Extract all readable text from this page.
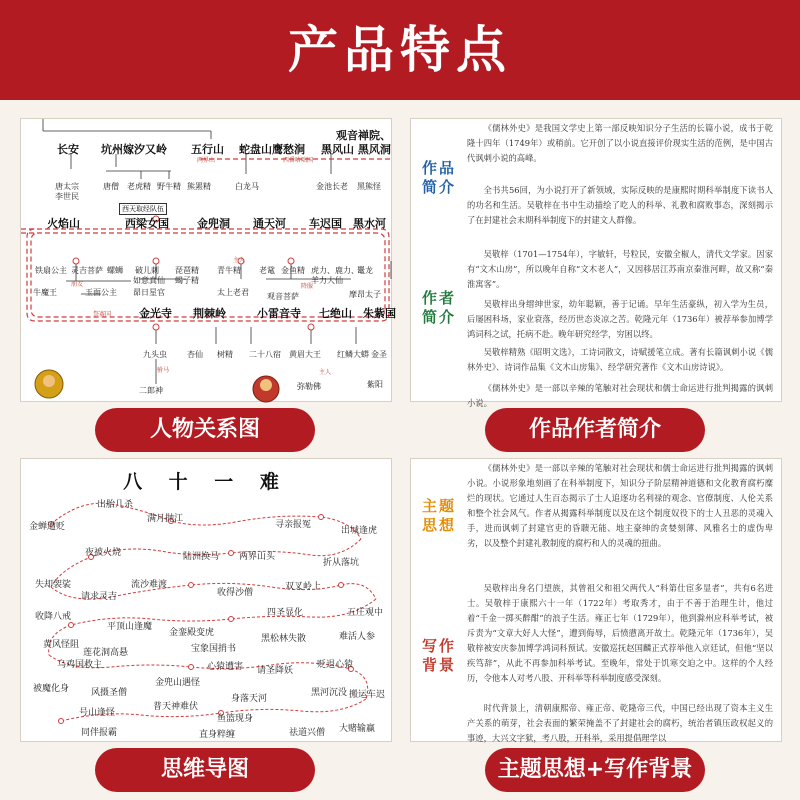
产品特点
长安 坑州嫁汐又岭 五行山 蛇盘山鹰愁涧
观音禅院、
黑风山 黑风洞
两界山	西番哈咄国
唐太宗
李世民
唐僧 老虎精 野牛精 熊罴精	白龙马	金池长老 黑熊怪
西天取经队伍
火焰山	西梁女国	金兜洞 通天河 车迟国 黑水河
铁扇公主 灵吉菩萨 螺蛳
牛魔王	玉面公主
破儿刺
如意真仙
琵琶精
蝎子精
昴日星官
青牛精
太上老君
老鼋 金鱼精
观音菩萨
虎力、鹿力、
羊力大仙
鼍龙
摩昂太子
朋友
主人
降服
祭赛国	金光寺 荆棘岭	小雷音寺 七绝山 朱紫国
九头虫
二郎神
杏仙 树精 二十八宿 黄眉大王
弥勒佛
红鳞大蟒 金圣
紫阳
驸马	主人
人物关系图
作品
简介
作者
简介

《儒林外史》是我国文学史上第一部反映知识分子生活的长篇小说，成书于乾隆十四年（1749年）或稍前。它开创了以小说直接评价现实生活的范例，是中国古代讽刺小说的高峰。

全书共56回，为小说打开了新领域，实际反映的是康熙时期科举制度下读书人的功名和生活。吴敬梓在书中生动描绘了吃人的科举、礼教和腐败事态，深刻揭示了在封建社会末期科举制度下的封建文人群像。

吴敬梓（1701—1754年），字敏轩，号粒民，安徽全椒人，清代文学家。因家有“文木山房”，所以晚年自称“文木老人”，又因移居江苏南京秦淮河畔，故又称“秦淮寓客”。

吴敬梓出身缙绅世家，幼年聪颖，善于记诵。早年生活豪纵，初入学为生员，后屡困科场，家业衰落，经历世态炎凉之苦。乾隆元年（1736年）被荐举参加博学鸿词科之试，托病不赴。晚年研究经学，穷困以终。

吴敬梓精熟《昭明文选》，工诗词散文，诗赋援笔立成。著有长篇讽刺小说《儒林外史》、诗词作品集《文木山房集》、经学研究著作《文木山房诗说》。

《儒林外史》是一部以辛辣的笔触对社会现状和儒士命运进行批判揭露的讽刺小说。

作品作者简介
八 十 一 难
出胎几杀
满月抛江
寻亲报冤
金蝉遭贬	出城逢虎
夜被火烧	陆洲换马 两界山头
折从落坑
失却袈裟
请求灵吉
流沙难渡
收得沙僧
双叉岭上
收降八戒	四圣显化	五庄观中
黄风怪阻
平顶山逢魔
金銮殿变虎	难活人参
乌鸡国救主
莲花洞高悬	宝象国捎书
黑松林失散
被魔化身
心猿遭害 请圣降妖
贬退心猿
风摄圣僧
金兜山遇怪
身落天河
黑河沉没
号山逢怪
普天神难伏
鱼篮现身
搬运车迟
同伴报霸	直身粹缠	祛道兴僧 大赌输赢
思维导图
主题
思想
写作
背景

《儒林外史》是一部以辛辣的笔触对社会现状和儒士命运进行批判揭露的讽刺小说。小说形象地刻画了在科举制度下，知识分子阶层精神道德和文化教育腐朽糜烂的现状。它通过人生百态揭示了士人追逐功名利禄的观念、官僚制度、人伦关系和整个社会风气。作者从揭露科举制度以及在这个制度奴役下的士人丑恶的灵魂入手，进而讽刺了封建官吏的昏聩无能、地主豪绅的贪婪刻薄、风雅名士的虚伪卑劣，以及整个封建礼教制度的腐朽和人的灵魂的扭曲。

吴敬梓出身名门望族，其曾祖父和祖父两代人“科第仕宦多显者”，共有6名进士。吴敬梓于康熙六十一年（1722年）考取秀才，由于不善于治理生计，他过着“千金一掷买醉酣”的浪子生活。雍正七年（1729年），他到滁州应科举考试，被斥责为“文章大好人大怪”，遭到侮辱，后愤懑离开故土。乾隆元年（1736年），吴敬梓被安庆参加博学鸿词科预试。安徽巡抚赵国麟正式荐举他入京廷试，但他“坚以疾笃辞”，从此不再参加科举考试。至晚年，常处于饥寒交迫之中。这样的个人经历，令他本人对考八股、开科举等科举制度感受深刻。

时代背景上，清朝康熙帝、雍正帝、乾隆帝三代，中国已经出现了资本主义生产关系的萌芽，社会表面的繁荣掩盖不了封建社会的腐朽，统治者镇压政权起义的事迹，大兴文字狱，考八股，开科举，采用提倡理学以

主题思想+写作背景
